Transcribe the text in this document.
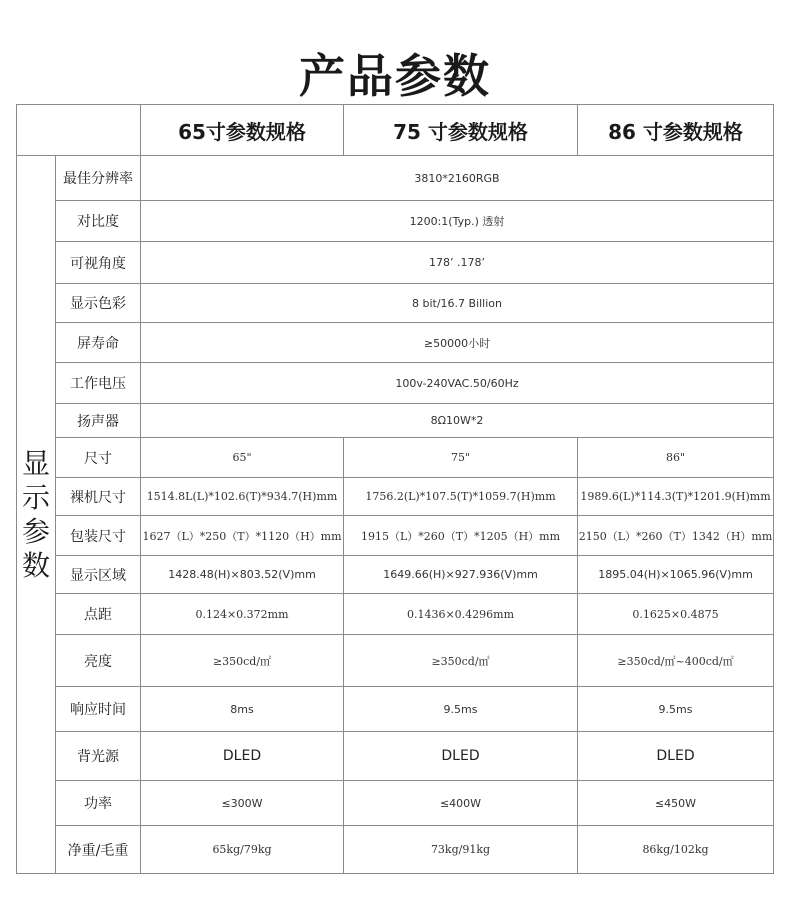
产品参数
		65寸参数规格	75 寸参数规格	86 寸参数规格

显
示
参
数	最佳分辨率	3810*2160RGB		
	对比度	1200:1(Typ.) 透射		
	可视角度	178’ .178’		
	显示色彩	8 bit/16.7 Billion		
	屏寿命	≥50000小时		
	工作电压	100v-240VAC.50/60Hz		
	扬声器	8Ω10W*2		
	尺寸	65"	75"	86"
	裸机尺寸	1514.8L(L)*102.6(T)*934.7(H)mm	1756.2(L)*107.5(T)*1059.7(H)mm	1989.6(L)*114.3(T)*1201.9(H)mm
	包装尺寸	1627（L）*250（T）*1120（H）mm	1915（L）*260（T）*1205（H）mm	2150（L）*260（T）1342（H）mm
	显示区域	1428.48(H)×803.52(V)mm	1649.66(H)×927.936(V)mm	1895.04(H)×1065.96(V)mm
	点距	0.124×0.372mm	0.1436×0.4296mm	0.1625×0.4875
	亮度	≥350cd/㎡	≥350cd/㎡	≥350cd/㎡~400cd/㎡
	响应时间	8ms	9.5ms	9.5ms
	背光源	DLED	DLED	DLED
	功率	≤300W	≤400W	≤450W
	净重/毛重	65kg/79kg	73kg/91kg	86kg/102kg
